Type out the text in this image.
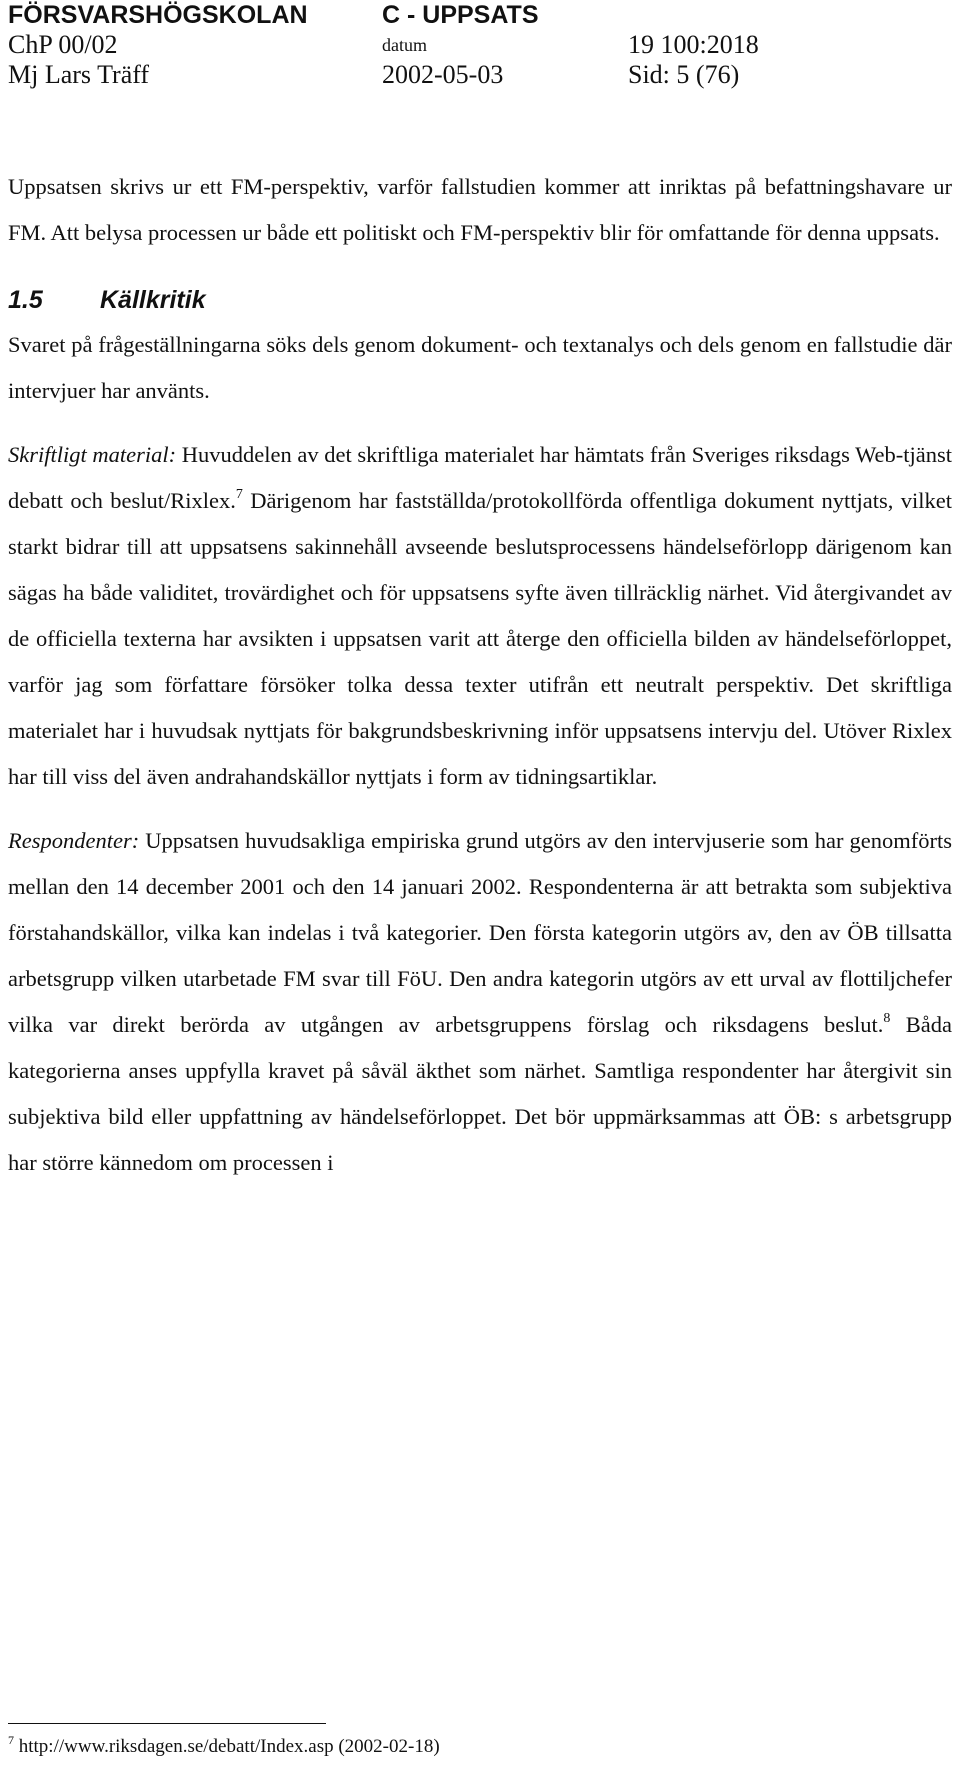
FÖRSVARSHÖGSKOLAN	C - UPPSATS
ChP 00/02	datum	19 100:2018
Mj Lars Träff	2002-05-03	Sid: 5 (76)

Uppsatsen skrivs ur ett FM-perspektiv, varför fallstudien kommer att inriktas på befattningshavare ur FM. Att belysa processen ur både ett politiskt och FM-perspektiv blir för omfattande för denna uppsats.

1.5 Källkritik

Svaret på frågeställningarna söks dels genom dokument- och textanalys och dels genom en fallstudie där intervjuer har använts.

Skriftligt material: Huvuddelen av det skriftliga materialet har hämtats från Sveriges riksdags Web-tjänst debatt och beslut/Rixlex.$^7$ Därigenom har fastställda/protokollförda offentliga dokument nyttjats, vilket starkt bidrar till att uppsatsens sakinnehåll avseende beslutsprocessens händelseförlopp därigenom kan sägas ha både validitet, trovärdighet och för uppsatsens syfte även tillräcklig närhet. Vid återgivandet av de officiella texterna har avsikten i uppsatsen varit att återge den officiella bilden av händelseförloppet, varför jag som författare försöker tolka dessa texter utifrån ett neutralt perspektiv. Det skriftliga materialet har i huvudsak nyttjats för bakgrundsbeskrivning inför uppsatsens intervju del. Utöver Rixlex har till viss del även andrahandskällor nyttjats i form av tidningsartiklar.

Respondenter: Uppsatsen huvudsakliga empiriska grund utgörs av den intervjuserie som har genomförts mellan den 14 december 2001 och den 14 januari 2002. Respondenterna är att betrakta som subjektiva förstahandskällor, vilka kan indelas i två kategorier. Den första kategorin utgörs av, den av ÖB tillsatta arbetsgrupp vilken utarbetade FM svar till FöU. Den andra kategorin utgörs av ett urval av flottiljchefer vilka var direkt berörda av utgången av arbetsgruppens förslag och riksdagens beslut.$^8$ Båda kategorierna anses uppfylla kravet på såväl äkthet som närhet. Samtliga respondenter har återgivit sin subjektiva bild eller uppfattning av händelseförloppet. Det bör uppmärksammas att ÖB: s arbetsgrupp har större kännedom om processen i

$^7$ http://www.riksdagen.se/debatt/Index.asp (2002-02-18)
